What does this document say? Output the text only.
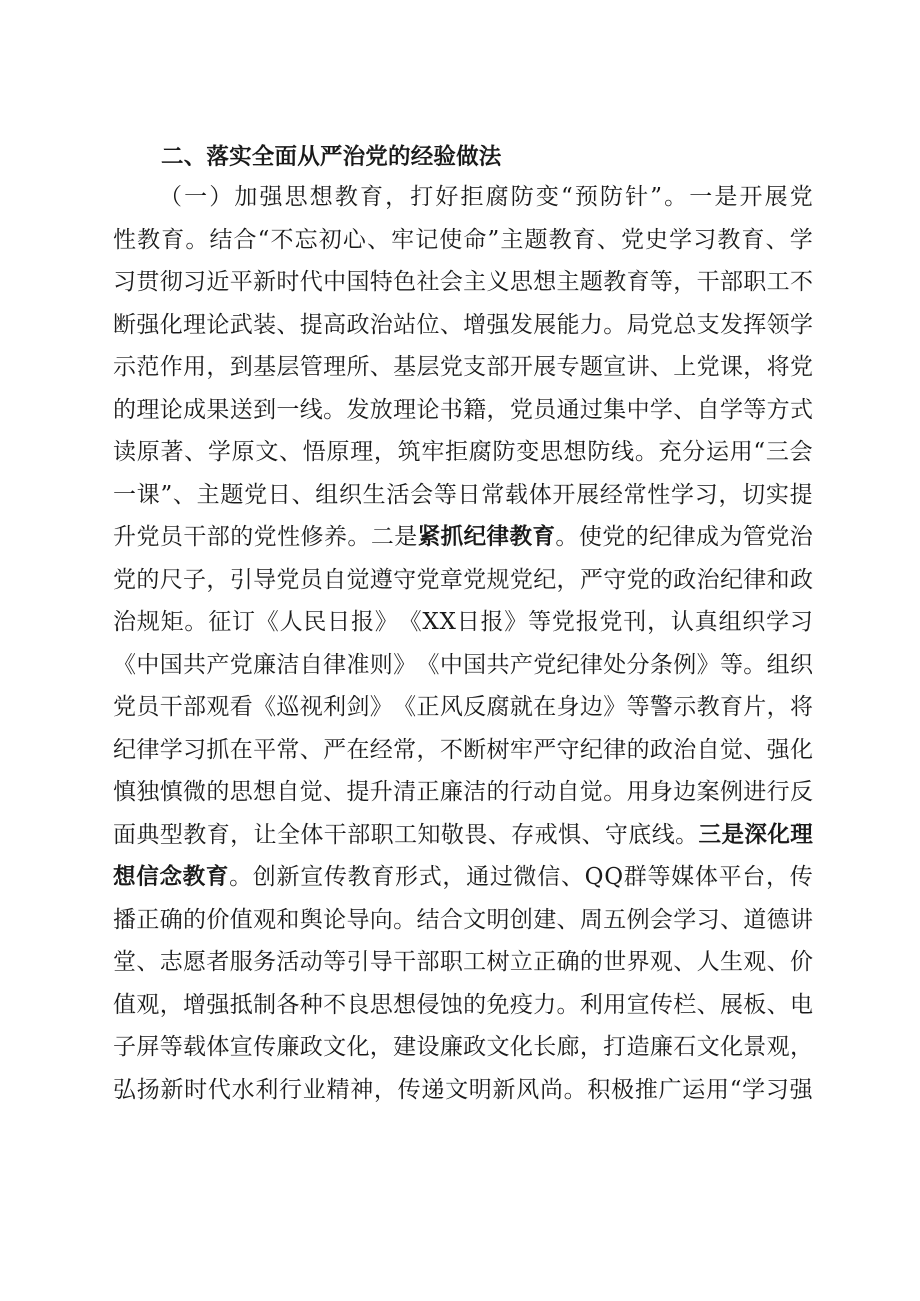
二、落实全面从严治党的经验做法
（ 一 ） 加 强 思 想 教 育 ， 打 好 拒 腐 防 变 “ 预 防 针 ” 。 一 是 开 展 党
性 教 育 。 结 合 “ 不 忘 初 心 、 牢 记 使 命 ” 主 题 教 育 、 党 史 学 习 教 育 、 学
习 贯 彻 习 近 平 新 时 代 中 国 特 色 社 会 主 义 思 想 主 题 教 育 等 ， 干 部 职 工 不
断 强 化 理 论 武 装 、 提 高 政 治 站 位 、 增 强 发 展 能 力 。 局 党 总 支 发 挥 领 学
示 范 作 用 ， 到 基 层 管 理 所 、 基 层 党 支 部 开 展 专 题 宣 讲 、 上 党 课 ， 将 党
的 理 论 成 果 送 到 一 线 。 发 放 理 论 书 籍 ， 党 员 通 过 集 中 学 、 自 学 等 方 式
读 原 著 、 学 原 文 、 悟 原 理 ， 筑 牢 拒 腐 防 变 思 想 防 线 。 充 分 运 用 “ 三 会
一 课 ” 、 主 题 党 日 、 组 织 生 活 会 等 日 常 载 体 开 展 经 常 性 学 习 ， 切 实 提
升 党 员 干 部 的 党 性 修 养 。 二 是 紧 抓 纪 律 教 育 。 使 党 的 纪 律 成 为 管 党 治
党 的 尺 子 ， 引 导 党 员 自 觉 遵 守 党 章 党 规 党 纪 ， 严 守 党 的 政 治 纪 律 和 政
治 规 矩 。 征 订 《 人 民 日 报 》 《 X X 日 报 》 等 党 报 党 刊 ， 认 真 组 织 学 习
《 中 国 共 产 党 廉 洁 自 律 准 则 》 《 中 国 共 产 党 纪 律 处 分 条 例 》 等 。 组 织
党 员 干 部 观 看 《 巡 视 利 剑 》 《 正 风 反 腐 就 在 身 边 》 等 警 示 教 育 片 ， 将
纪 律 学 习 抓 在 平 常 、 严 在 经 常 ， 不 断 树 牢 严 守 纪 律 的 政 治 自 觉 、 强 化
慎 独 慎 微 的 思 想 自 觉 、 提 升 清 正 廉 洁 的 行 动 自 觉 。 用 身 边 案 例 进 行 反
面 典 型 教 育 ， 让 全 体 干 部 职 工 知 敬 畏 、 存 戒 惧 、 守 底 线 。 三 是 深 化 理
想 信 念 教 育 。 创 新 宣 传 教 育 形 式 ， 通 过 微 信 、 Q Q 群 等 媒 体 平 台 ， 传
播 正 确 的 价 值 观 和 舆 论 导 向 。 结 合 文 明 创 建 、 周 五 例 会 学 习 、 道 德 讲
堂 、 志 愿 者 服 务 活 动 等 引 导 干 部 职 工 树 立 正 确 的 世 界 观 、 人 生 观 、 价
值 观 ， 增 强 抵 制 各 种 不 良 思 想 侵 蚀 的 免 疫 力 。 利 用 宣 传 栏 、 展 板 、 电
子 屏 等 载 体 宣 传 廉 政 文 化 ， 建 设 廉 政 文 化 长 廊 ， 打 造 廉 石 文 化 景 观 ，
弘 扬 新 时 代 水 利 行 业 精 神 ， 传 递 文 明 新 风 尚 。 积 极 推 广 运 用 “ 学 习 强
